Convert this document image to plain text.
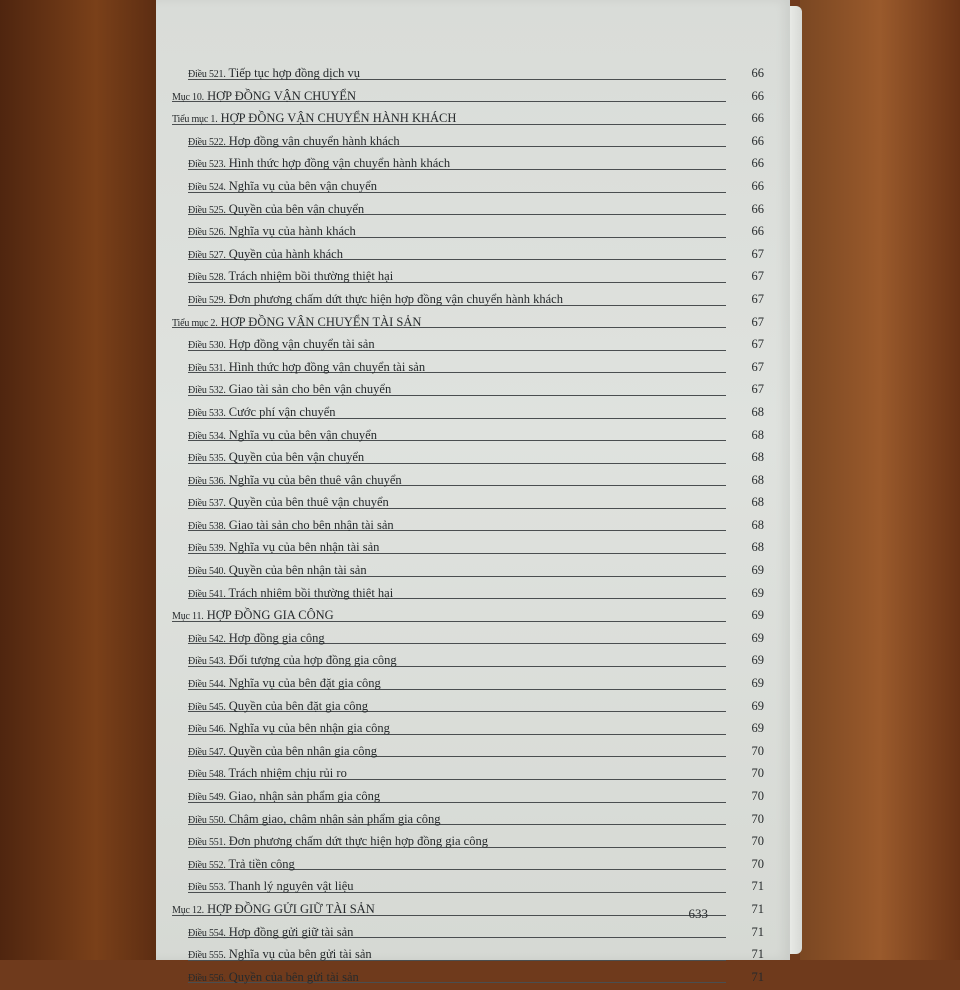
Điều 521. Tiếp tục hợp đồng dịch vụ	66
Mục 10. HỢP ĐỒNG VẬN CHUYỂN	66
Tiểu mục 1. HỢP ĐỒNG VẬN CHUYỂN HÀNH KHÁCH	66
Điều 522. Hợp đồng vận chuyển hành khách	66
Điều 523. Hình thức hợp đồng vận chuyển hành khách	66
Điều 524. Nghĩa vụ của bên vận chuyển	66
Điều 525. Quyền của bên vận chuyển	66
Điều 526. Nghĩa vụ của hành khách	66
Điều 527. Quyền của hành khách	67
Điều 528. Trách nhiệm bồi thường thiệt hại	67
Điều 529. Đơn phương chấm dứt thực hiện hợp đồng vận chuyển hành khách	67
Tiểu mục 2. HỢP ĐỒNG VẬN CHUYỂN TÀI SẢN	67
Điều 530. Hợp đồng vận chuyển tài sản	67
Điều 531. Hình thức hợp đồng vận chuyển tài sản	67
Điều 532. Giao tài sản cho bên vận chuyển	67
Điều 533. Cước phí vận chuyển	68
Điều 534. Nghĩa vụ của bên vận chuyển	68
Điều 535. Quyền của bên vận chuyển	68
Điều 536. Nghĩa vụ của bên thuê vận chuyển	68
Điều 537. Quyền của bên thuê vận chuyển	68
Điều 538. Giao tài sản cho bên nhận tài sản	68
Điều 539. Nghĩa vụ của bên nhận tài sản	68
Điều 540. Quyền của bên nhận tài sản	69
Điều 541. Trách nhiệm bồi thường thiệt hại	69
Mục 11. HỢP ĐỒNG GIA CÔNG	69
Điều 542. Hợp đồng gia công	69
Điều 543. Đối tượng của hợp đồng gia công	69
Điều 544. Nghĩa vụ của bên đặt gia công	69
Điều 545. Quyền của bên đặt gia công	69
Điều 546. Nghĩa vụ của bên nhận gia công	69
Điều 547. Quyền của bên nhận gia công	70
Điều 548. Trách nhiệm chịu rủi ro	70
Điều 549. Giao, nhận sản phẩm gia công	70
Điều 550. Chậm giao, chậm nhận sản phẩm gia công	70
Điều 551. Đơn phương chấm dứt thực hiện hợp đồng gia công	70
Điều 552. Trả tiền công	70
Điều 553. Thanh lý nguyên vật liệu	71
Mục 12. HỢP ĐỒNG GỬI GIỮ TÀI SẢN	71
Điều 554. Hợp đồng gửi giữ tài sản	71
Điều 555. Nghĩa vụ của bên gửi tài sản	71
Điều 556. Quyền của bên gửi tài sản	71
633
